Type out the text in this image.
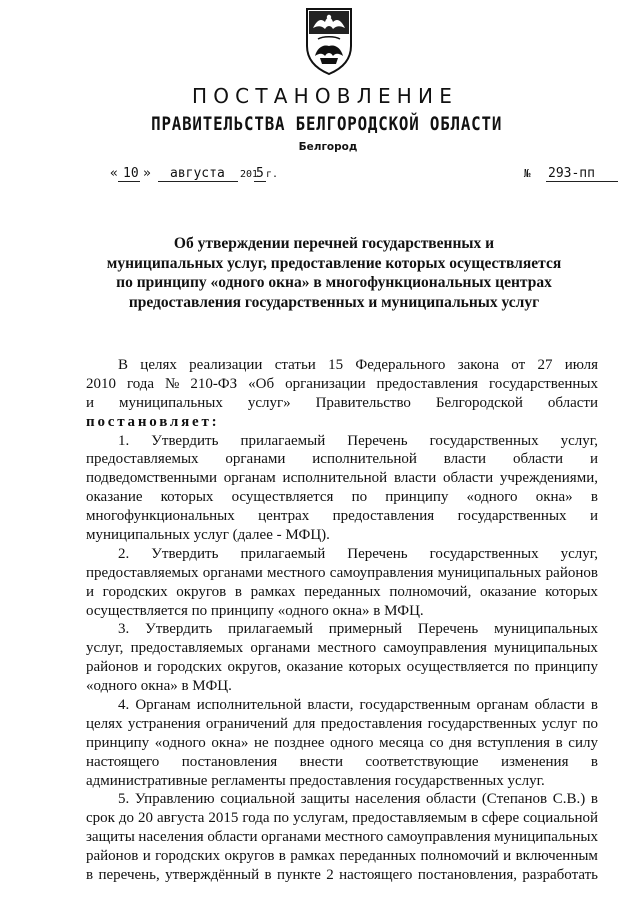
ПОСТАНОВЛЕНИЕ
ПРАВИТЕЛЬСТВА БЕЛГОРОДСКОЙ ОБЛАСТИ
Белгород
« 10 » августа 201
5 г.	№ 293-пп
Об утверждении перечней государственных и
муниципальных услуг, предоставление которых осуществляется
по принципу «одного окна» в многофункциональных центрах
предоставления государственных и муниципальных услуг
В целях реализации статьи 15 Федерального закона от 27 июля
2010 года № 210-ФЗ «Об организации предоставления государственных
и муниципальных услуг» Правительство Белгородской области
постановляет:
1. Утвердить прилагаемый Перечень государственных услуг,
предоставляемых органами исполнительной власти области и
подведомственными органам исполнительной власти области учреждениями,
оказание которых осуществляется по принципу «одного окна» в
многофункциональных центрах предоставления государственных и
муниципальных услуг (далее - МФЦ).
2. Утвердить прилагаемый Перечень государственных услуг,
предоставляемых органами местного самоуправления муниципальных районов
и городских округов в рамках переданных полномочий, оказание которых
осуществляется по принципу «одного окна» в МФЦ.
3. Утвердить прилагаемый примерный Перечень муниципальных
услуг, предоставляемых органами местного самоуправления муниципальных
районов и городских округов, оказание которых осуществляется по принципу
«одного окна» в МФЦ.
4. Органам исполнительной власти, государственным органам области в
целях устранения ограничений для предоставления государственных услуг по
принципу «одного окна» не позднее одного месяца со дня вступления в силу
настоящего постановления внести соответствующие изменения в
административные регламенты предоставления государственных услуг.
5. Управлению социальной защиты населения области (Степанов С.В.) в
срок до 20 августа 2015 года по услугам, предоставляемым в сфере социальной
защиты населения области органами местного самоуправления муниципальных
районов и городских округов в рамках переданных полномочий и включенным
в перечень, утверждённый в пункте 2 настоящего постановления, разработать
